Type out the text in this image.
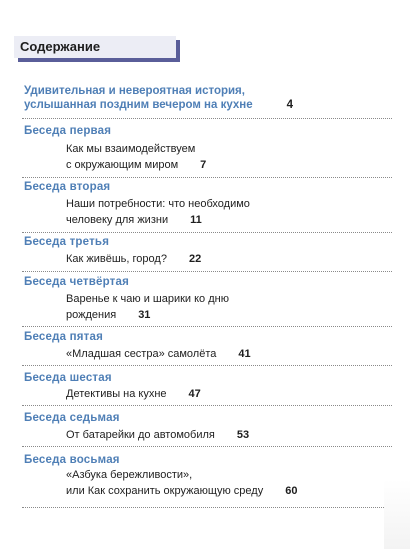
Содержание
Удивительная и невероятная история,
услышанная поздним вечером на кухне	4
Беседа первая
Как мы взаимодействуем
с окружающим миром 7
Беседа вторая
Наши потребности: что необходимо
человеку для жизни 11
Беседа третья
Как живёшь, город? 22
Беседа четвёртая
Варенье к чаю и шарики ко дню
рождения 31
Беседа пятая
«Младшая сестра» самолёта 41
Беседа шестая
Детективы на кухне 47
Беседа седьмая
От батарейки до автомобиля 53
Беседа восьмая
«Азбука бережливости»,
или Как сохранить окружающую среду 60
